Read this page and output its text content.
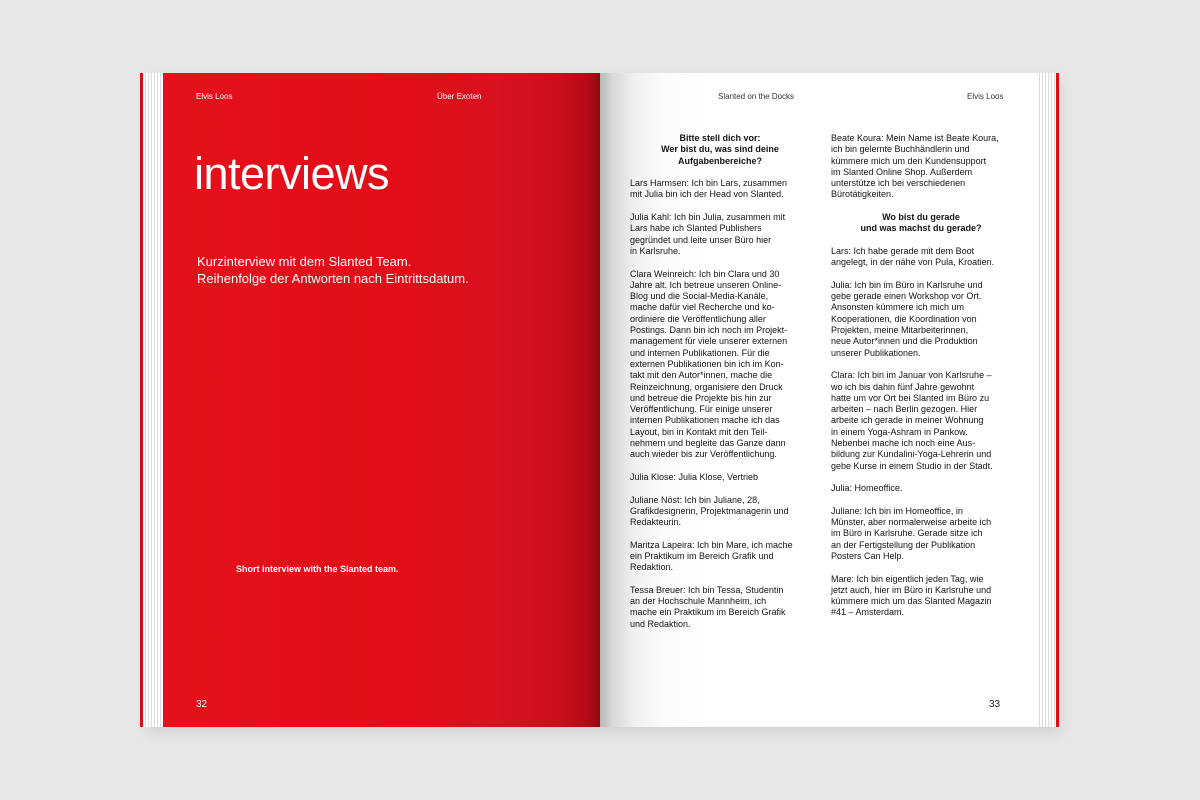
Elvis Loos	Über Exoten
interviews
Kurzinterview mit dem Slanted Team.
Reihenfolge der Antworten nach Eintrittsdatum.
Short interview with the Slanted team.
32
Slanted on the Docks	Elvis Loos

Bitte stell dich vor:
Wer bist du, was sind deine
Aufgabenbereiche?

Lars Harmsen: Ich bin Lars, zusammen
mit Julia bin ich der Head von Slanted.

Julia Kahl: Ich bin Julia, zusammen mit
Lars habe ich Slanted Publishers
gegründet und leite unser Büro hier
in Karlsruhe.

Clara Weinreich: Ich bin Clara und 30
Jahre alt. Ich betreue unseren Online-
Blog und die Social-Media-Kanäle,
mache dafür viel Recherche und ko-
ordiniere die Veröffentlichung aller
Postings. Dann bin ich noch im Projekt-
management für viele unserer externen
und internen Publikationen. Für die
externen Publikationen bin ich im Kon-
takt mit den Autor*innen, mache die
Reinzeichnung, organisiere den Druck
und betreue die Projekte bis hin zur
Veröffentlichung. Für einige unserer
internen Publikationen mache ich das
Layout, bin in Kontakt mit den Teil-
nehmern und begleite das Ganze dann
auch wieder bis zur Veröffentlichung.

Julia Klose: Julia Klose, Vertrieb

Juliane Nöst: Ich bin Juliane, 28,
Grafikdesignerin, Projektmanagerin und
Redakteurin.

Maritza Lapeira: Ich bin Mare, ich mache
ein Praktikum im Bereich Grafik und
Redaktion.

Tessa Breuer: Ich bin Tessa, Studentin
an der Hochschule Mannheim, ich
mache ein Praktikum im Bereich Grafik
und Redaktion.

Beate Koura: Mein Name ist Beate Koura,
ich bin gelernte Buchhändlerin und
kümmere mich um den Kundensupport
im Slanted Online Shop. Außerdem
unterstütze ich bei verschiedenen
Bürotätigkeiten.

Wo bist du gerade
und was machst du gerade?

Lars: Ich habe gerade mit dem Boot
angelegt, in der nähe von Pula, Kroatien.

Julia: Ich bin im Büro in Karlsruhe und
gebe gerade einen Workshop vor Ort.
Ansonsten kümmere ich mich um
Kooperationen, die Koordination von
Projekten, meine Mitarbeiterinnen,
neue Autor*innen und die Produktion
unserer Publikationen.

Clara: Ich bin im Januar von Karlsruhe –
wo ich bis dahin fünf Jahre gewohnt
hatte um vor Ort bei Slanted im Büro zu
arbeiten – nach Berlin gezogen. Hier
arbeite ich gerade in meiner Wohnung
in einem Yoga-Ashram in Pankow.
Nebenbei mache ich noch eine Aus-
bildung zur Kundalini-Yoga-Lehrerin und
gebe Kurse in einem Studio in der Stadt.

Julia: Homeoffice.

Juliane: Ich bin im Homeoffice, in
Münster, aber normalerweise arbeite ich
im Büro in Karlsruhe. Gerade sitze ich
an der Fertigstellung der Publikation
Posters Can Help.

Mare: Ich bin eigentlich jeden Tag, wie
jetzt auch, hier im Büro in Karlsruhe und
kümmere mich um das Slanted Magazin
#41 – Amsterdam.

33
